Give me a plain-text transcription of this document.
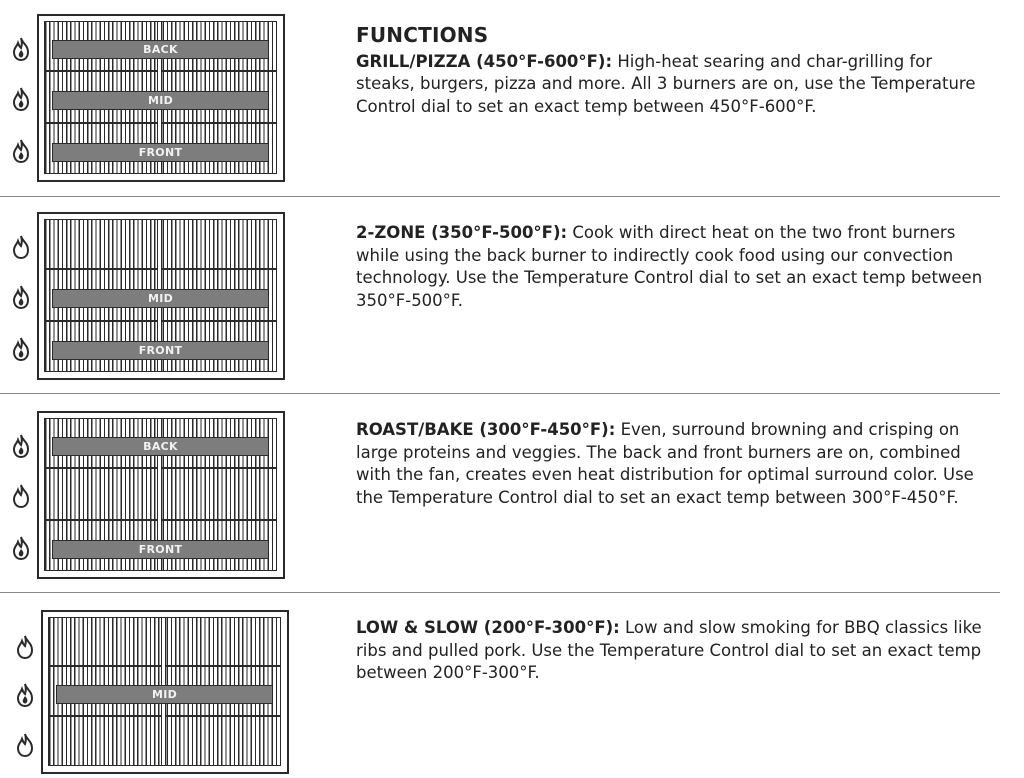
BACK
MID
FRONT
FUNCTIONS
GRILL/PIZZA (450°F-600°F): High-heat searing and char-grilling for steaks, burgers, pizza and more. All 3 burners are on, use the Temperature Control dial to set an exact temp between 450°F-600°F.
MID
FRONT
2-ZONE (350°F-500°F): Cook with direct heat on the two front burners while using the back burner to indirectly cook food using our convection technology. Use the Temperature Control dial to set an exact temp between 350°F-500°F.
BACK
FRONT
ROAST/BAKE (300°F-450°F): Even, surround browning and crisping on large proteins and veggies. The back and front burners are on, combined with the fan, creates even heat distribution for optimal surround color. Use the Temperature Control dial to set an exact temp between 300°F-450°F.
MID
LOW & SLOW (200°F-300°F): Low and slow smoking for BBQ classics like ribs and pulled pork. Use the Temperature Control dial to set an exact temp between 200°F-300°F.
